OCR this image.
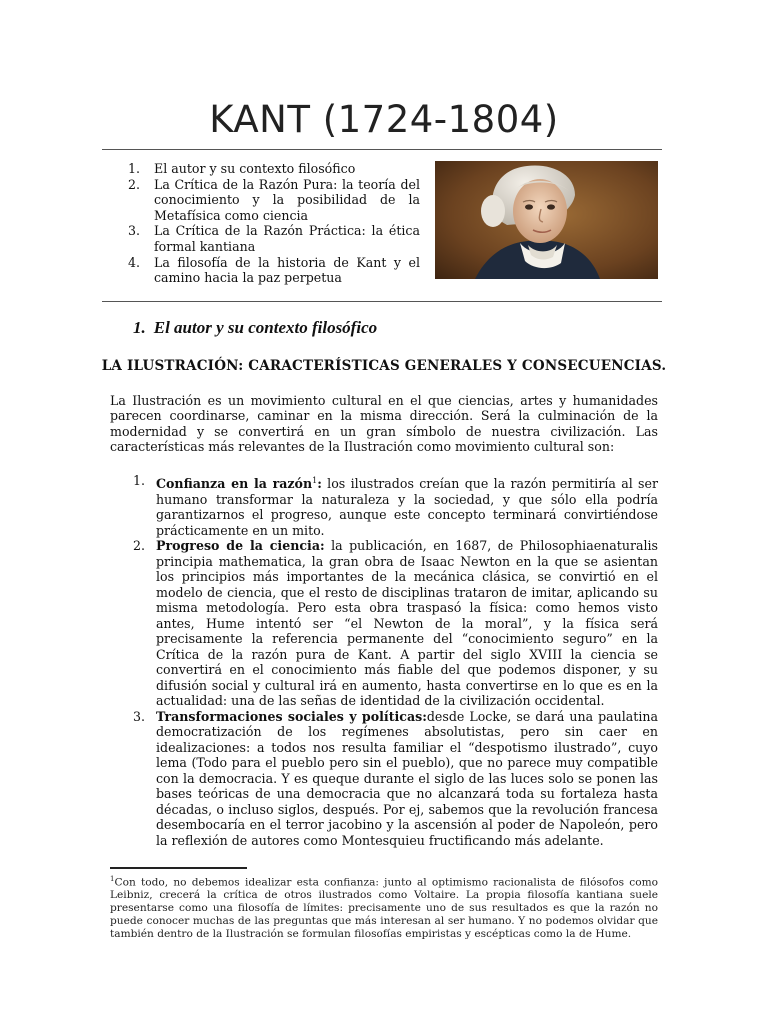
KANT (1724-1804)
1. El autor y su contexto filosófico
2. La Crítica de la Razón Pura: la teoría del conocimiento y la posibilidad de la Metafísica como ciencia
3. La Crítica de la Razón Práctica: la ética formal kantiana
4. La filosofía de la historia de Kant y el camino hacia la paz perpetua
1. El autor y su contexto filosófico
LA ILUSTRACIÓN: CARACTERÍSTICAS GENERALES Y CONSECUENCIAS.

La Ilustración es un movimiento cultural en el que ciencias, artes y humanidades parecen coordinarse, caminar en la misma dirección. Será la culminación de la modernidad y se convertirá en un gran símbolo de nuestra civilización. Las características más relevantes de la Ilustración como movimiento cultural son:

1. Confianza en la razón$^1$: los ilustrados creían que la razón permitiría al ser humano transformar la naturaleza y la sociedad, y que sólo ella podría garantizarnos el progreso, aunque este concepto terminará convirtiéndose prácticamente en un mito.
2. Progreso de la ciencia: la publicación, en 1687, de Philosophiaenaturalis principia mathematica, la gran obra de Isaac Newton en la que se asientan los principios más importantes de la mecánica clásica, se convirtió en el modelo de ciencia, que el resto de disciplinas trataron de imitar, aplicando su misma metodología. Pero esta obra traspasó la física: como hemos visto antes, Hume intentó ser “el Newton de la moral”, y la física será precisamente la referencia permanente del “conocimiento seguro” en la Crítica de la razón pura de Kant. A partir del siglo XVIII la ciencia se convertirá en el conocimiento más fiable del que podemos disponer, y su difusión social y cultural irá en aumento, hasta convertirse en lo que es en la actualidad: una de las señas de identidad de la civilización occidental.
3. Transformaciones sociales y políticas:desde Locke, se dará una paulatina democratización de los regímenes absolutistas, pero sin caer en idealizaciones: a todos nos resulta familiar el “despotismo ilustrado”, cuyo lema (Todo para el pueblo pero sin el pueblo), que no parece muy compatible con la democracia. Y es queque durante el siglo de las luces solo se ponen las bases teóricas de una democracia que no alcanzará toda su fortaleza hasta décadas, o incluso siglos, después. Por ej, sabemos que la revolución francesa desembocaría en el terror jacobino y la ascensión al poder de Napoleón, pero la reflexión de autores como Montesquieu fructificando más adelante.

$^1$Con todo, no debemos idealizar esta confianza: junto al optimismo racionalista de filósofos como Leibniz, crecerá la crítica de otros ilustrados como Voltaire. La propia filosofía kantiana suele presentarse como una filosofía de límites: precisamente uno de sus resultados es que la razón no puede conocer muchas de las preguntas que más interesan al ser humano. Y no podemos olvidar que también dentro de la Ilustración se formulan filosofías empiristas y escépticas como la de Hume.
